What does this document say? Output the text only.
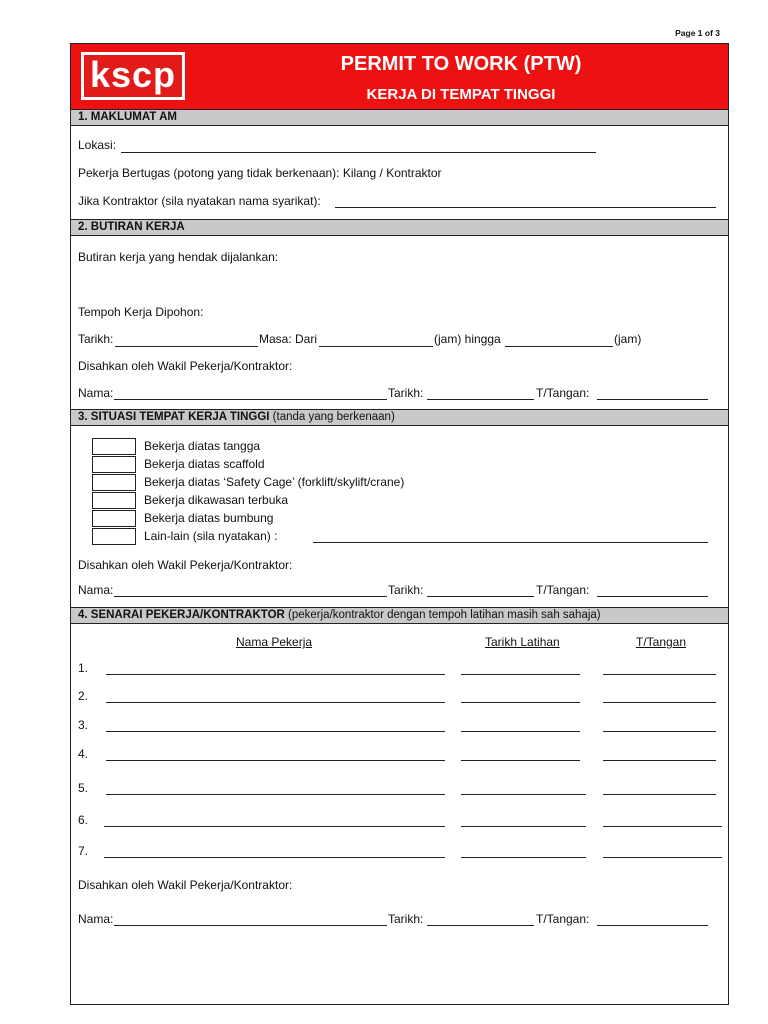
Page 1 of 3
kscp	PERMIT TO WORK (PTW)
KERJA DI TEMPAT TINGGI
1. MAKLUMAT AM
Lokasi:
Pekerja Bertugas (potong yang tidak berkenaan): Kilang / Kontraktor
Jika Kontraktor (sila nyatakan nama syarikat):
2. BUTIRAN KERJA
Butiran kerja yang hendak dijalankan:
Tempoh Kerja Dipohon:
Tarikh:	Masa: Dari	(jam) hingga	(jam)
Disahkan oleh Wakil Pekerja/Kontraktor:
Nama:	Tarikh:	T/Tangan:
3. SITUASI TEMPAT KERJA TINGGI (tanda yang berkenaan)
Bekerja diatas tangga
Bekerja diatas scaffold
Bekerja diatas ‘Safety Cage’ (forklift/skylift/crane)
Bekerja dikawasan terbuka
Bekerja diatas bumbung
Lain-lain (sila nyatakan) :
Disahkan oleh Wakil Pekerja/Kontraktor:
Nama:	Tarikh:	T/Tangan:
4. SENARAI PEKERJA/KONTRAKTOR (pekerja/kontraktor dengan tempoh latihan masih sah sahaja)
Nama Pekerja	Tarikh Latihan	T/Tangan
1.
2.
3.
4.
5.
6.
7.
Disahkan oleh Wakil Pekerja/Kontraktor:
Nama:	Tarikh:	T/Tangan:
